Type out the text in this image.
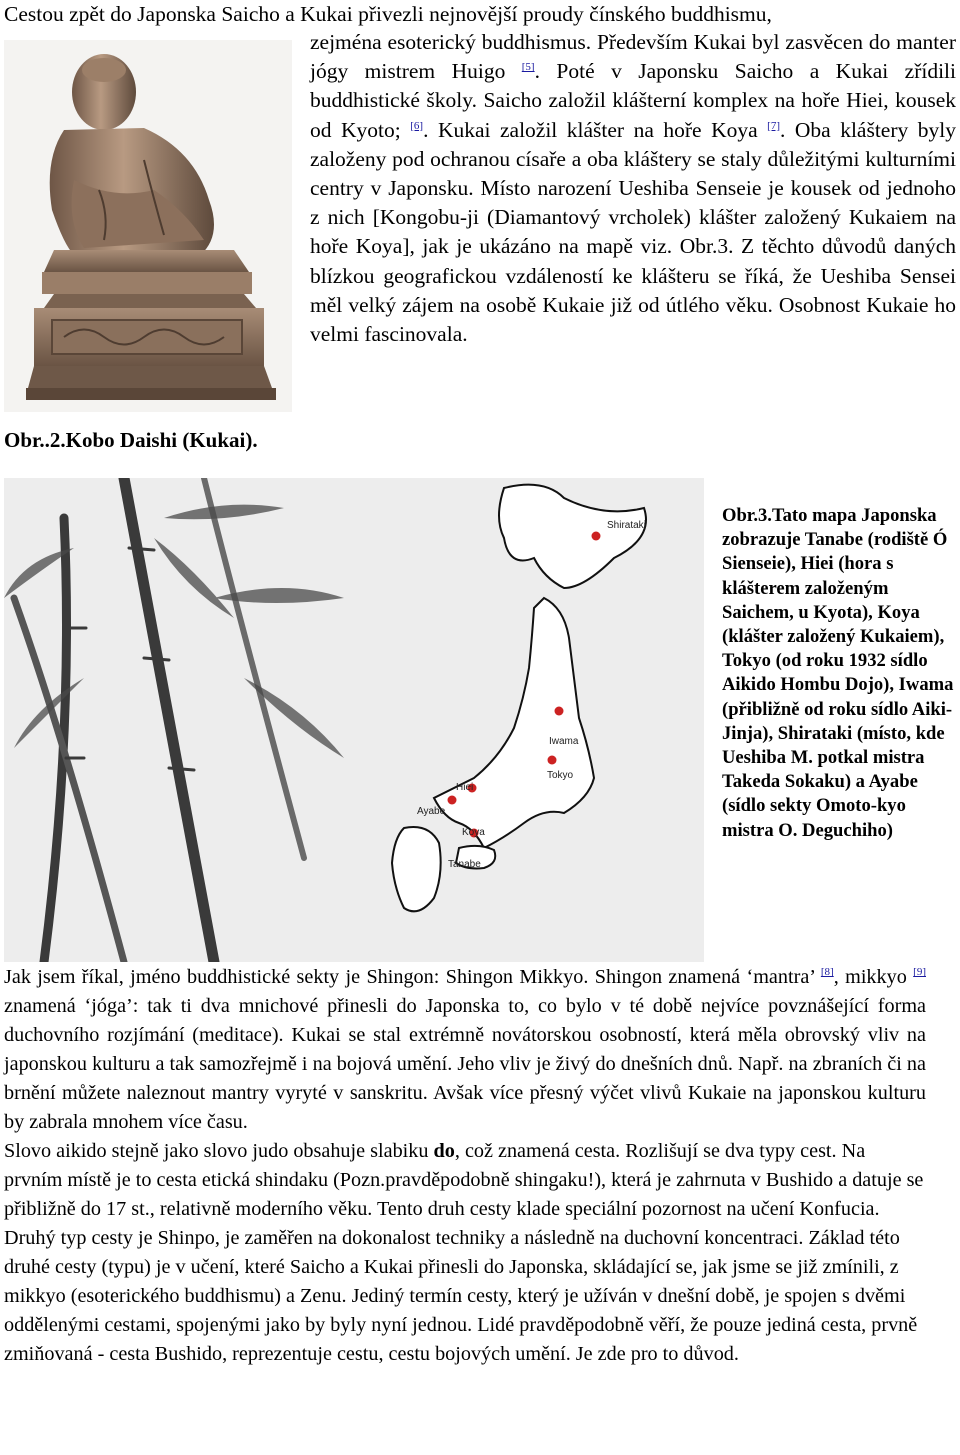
Cestou zpět do Japonska Saicho a Kukai přivezli nejnovější proudy čínského buddhismu,
zejména esoterický buddhismus. Především Kukai byl zasvěcen do manter jógy mistrem Huigo [5]. Poté v Japonsku Saicho a Kukai zřídili buddhistické školy. Saicho založil klášterní komplex na hoře Hiei, kousek od Kyoto; [6]. Kukai založil klášter na hoře Koya [7]. Oba kláštery byly založeny pod ochranou císaře a oba kláštery se staly důležitými kulturními centry v Japonsku. Místo narození Ueshiba Senseie je kousek od jednoho z nich [Kongobu-ji (Diamantový vrcholek) klášter založený Kukaiem na hoře Koya], jak je ukázáno na mapě viz. Obr.3. Z těchto důvodů daných blízkou geografickou vzdáleností ke klášteru se říká, že Ueshiba Sensei měl velký zájem na osobě Kukaie již od útlého věku. Osobnost Kukaie ho velmi fascinovala.
Obr..2.Kobo Daishi (Kukai).
Shirataki
Iwama
Tokyo
Hiei
Ayabe
Koya
Tanabe
Obr.3.Tato mapa Japonska zobrazuje Tanabe (rodiště Ó Sienseie), Hiei (hora s klášterem založeným Saichem, u Kyota), Koya (klášter založený Kukaiem), Tokyo (od roku 1932 sídlo Aikido Hombu Dojo), Iwama (přibližně od roku sídlo Aiki-Jinja), Shirataki (místo, kde Ueshiba M. potkal mistra Takeda Sokaku) a Ayabe (sídlo sekty Omoto-kyo mistra O. Deguchiho)

Jak jsem říkal, jméno buddhistické sekty je Shingon: Shingon Mikkyo. Shingon znamená ‘mantra’ [8], mikkyo [9] znamená ‘jóga’: tak ti dva mnichové přinesli do Japonska to, co bylo v té době nejvíce povznášející forma duchovního rozjímání (meditace). Kukai se stal extrémně novátorskou osobností, která měla obrovský vliv na japonskou kulturu a tak samozřejmě i na bojová umění. Jeho vliv je živý do dnešních dnů. Např. na zbraních či na brnění můžete naleznout mantry vyryté v sanskritu. Avšak více přesný výčet vlivů Kukaie na japonskou kulturu by zabrala mnohem více času.

Slovo aikido stejně jako slovo judo obsahuje slabiku do, což znamená cesta. Rozlišují se dva typy cest. Na prvním místě je to cesta etická shindaku (Pozn.pravděpodobně shingaku!), která je zahrnuta v Bushido a datuje se přibližně do 17 st., relativně moderního věku. Tento druh cesty klade speciální pozornost na učení Konfucia. Druhý typ cesty je Shinpo, je zaměřen na dokonalost techniky a následně na duchovní koncentraci. Základ této druhé cesty (typu) je v učení, které Saicho a Kukai přinesli do Japonska, skládající se, jak jsme se již zmínili, z mikkyo (esoterického buddhismu) a Zenu. Jediný termín cesty, který je užíván v dnešní době, je spojen s dvěmi oddělenými cestami, spojenými jako by byly nyní jednou. Lidé pravděpodobně věří, že pouze jediná cesta, prvně zmiňovaná - cesta Bushido, reprezentuje cestu, cestu bojových umění. Je zde pro to důvod.
